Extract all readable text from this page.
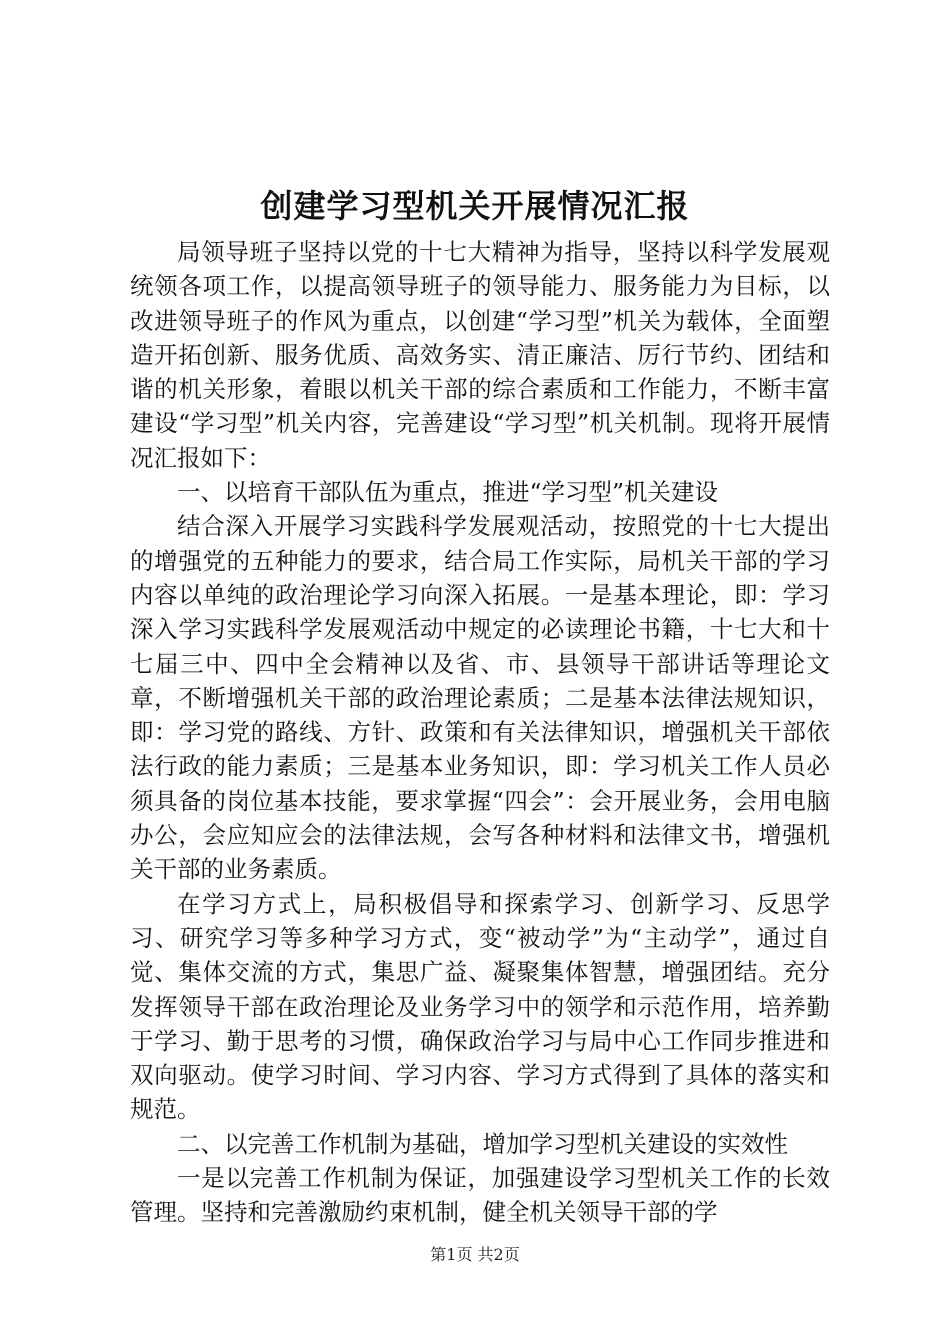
创建学习型机关开展情况汇报

局领导班子坚持以党的十七大精神为指导，坚持以科学发展观统领各项工作，以提高领导班子的领导能力、服务能力为目标，以改进领导班子的作风为重点，以创建“学习型”机关为载体，全面塑造开拓创新、服务优质、高效务实、清正廉洁、厉行节约、团结和谐的机关形象，着眼以机关干部的综合素质和工作能力，不断丰富建设“学习型”机关内容，完善建设“学习型”机关机制。现将开展情况汇报如下：

一、以培育干部队伍为重点，推进“学习型”机关建设

结合深入开展学习实践科学发展观活动，按照党的十七大提出的增强党的五种能力的要求，结合局工作实际，局机关干部的学习内容以单纯的政治理论学习向深入拓展。一是基本理论，即：学习深入学习实践科学发展观活动中规定的必读理论书籍，十七大和十七届三中、四中全会精神以及省、市、县领导干部讲话等理论文章，不断增强机关干部的政治理论素质；二是基本法律法规知识，即：学习党的路线、方针、政策和有关法律知识，增强机关干部依法行政的能力素质；三是基本业务知识，即：学习机关工作人员必须具备的岗位基本技能，要求掌握“四会”：会开展业务，会用电脑办公，会应知应会的法律法规，会写各种材料和法律文书，增强机关干部的业务素质。

在学习方式上，局积极倡导和探索学习、创新学习、反思学习、研究学习等多种学习方式，变“被动学”为“主动学”，通过自觉、集体交流的方式，集思广益、凝聚集体智慧，增强团结。充分发挥领导干部在政治理论及业务学习中的领学和示范作用，培养勤于学习、勤于思考的习惯，确保政治学习与局中心工作同步推进和双向驱动。使学习时间、学习内容、学习方式得到了具体的落实和规范。

二、以完善工作机制为基础，增加学习型机关建设的实效性

一是以完善工作机制为保证，加强建设学习型机关工作的长效管理。坚持和完善激励约束机制，健全机关领导干部的学

第1页 共2页
